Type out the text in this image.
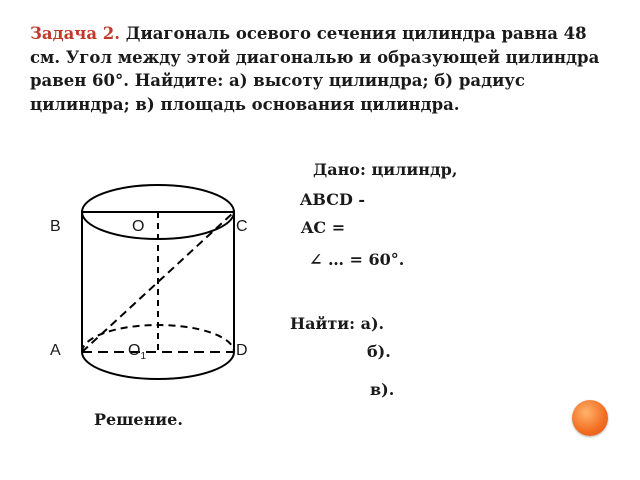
Задача 2. Диагональ осевого сечения цилиндра равна 48 см. Угол между этой диагональю и образующей цилиндра равен 60°. Найдите: а) высоту цилиндра; б) радиус цилиндра; в) площадь основания цилиндра.
B	O	C
A	$O_1$	D
Дано: цилиндр,
ABCD -
AC =
∠ … = 60°.
Найти: а).
б).
в).
Решение.
